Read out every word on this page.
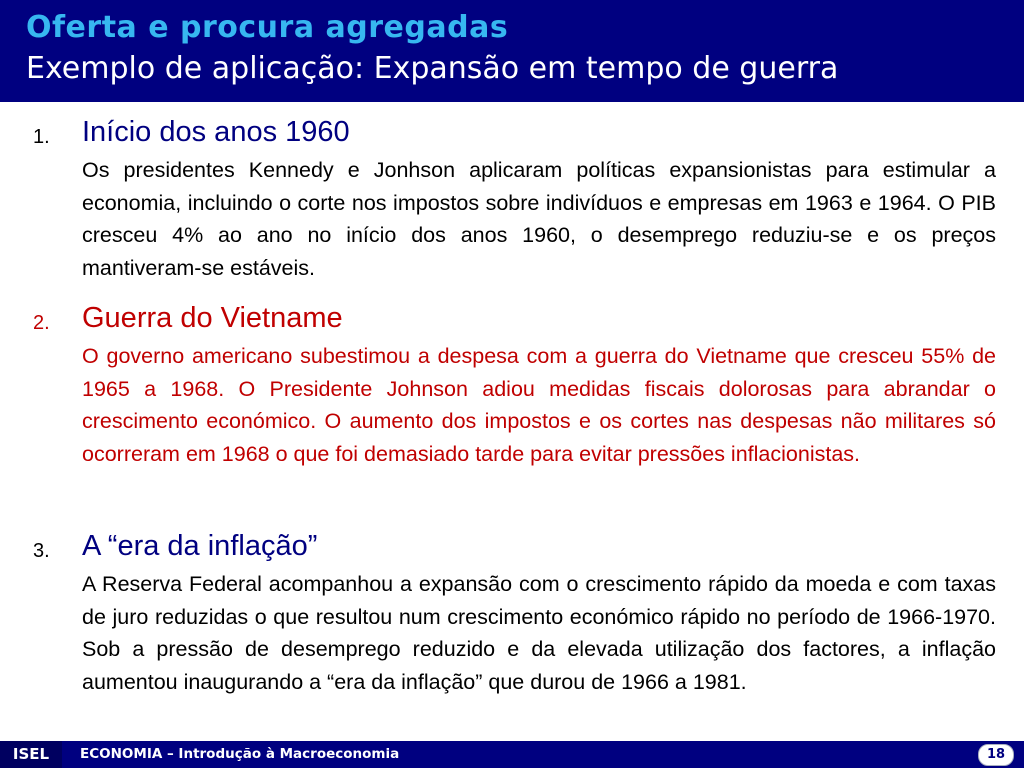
Oferta e procura agregadas
Exemplo de aplicação: Expansão em tempo de guerra
1. Início dos anos 1960
Os presidentes Kennedy e Jonhson aplicaram políticas expansionistas para estimular a economia, incluindo o corte nos impostos sobre indivíduos e empresas em 1963 e 1964. O PIB cresceu 4% ao ano no início dos anos 1960, o desemprego reduziu-se e os preços mantiveram-se estáveis.
2. Guerra do Vietname
O governo americano subestimou a despesa com a guerra do Vietname que cresceu 55% de 1965 a 1968. O Presidente Johnson adiou medidas fiscais dolorosas para abrandar o crescimento económico. O aumento dos impostos e os cortes nas despesas não militares só ocorreram em 1968 o que foi demasiado tarde para evitar pressões inflacionistas.
3. A “era da inflação”
A Reserva Federal acompanhou a expansão com o crescimento rápido da moeda e com taxas de juro reduzidas o que resultou num crescimento económico rápido no período de 1966-1970. Sob a pressão de desemprego reduzido e da elevada utilização dos factores, a inflação aumentou inaugurando a “era da inflação” que durou de 1966 a 1981.
ISEL	ECONOMIA – Introdução à Macroeconomia	18
